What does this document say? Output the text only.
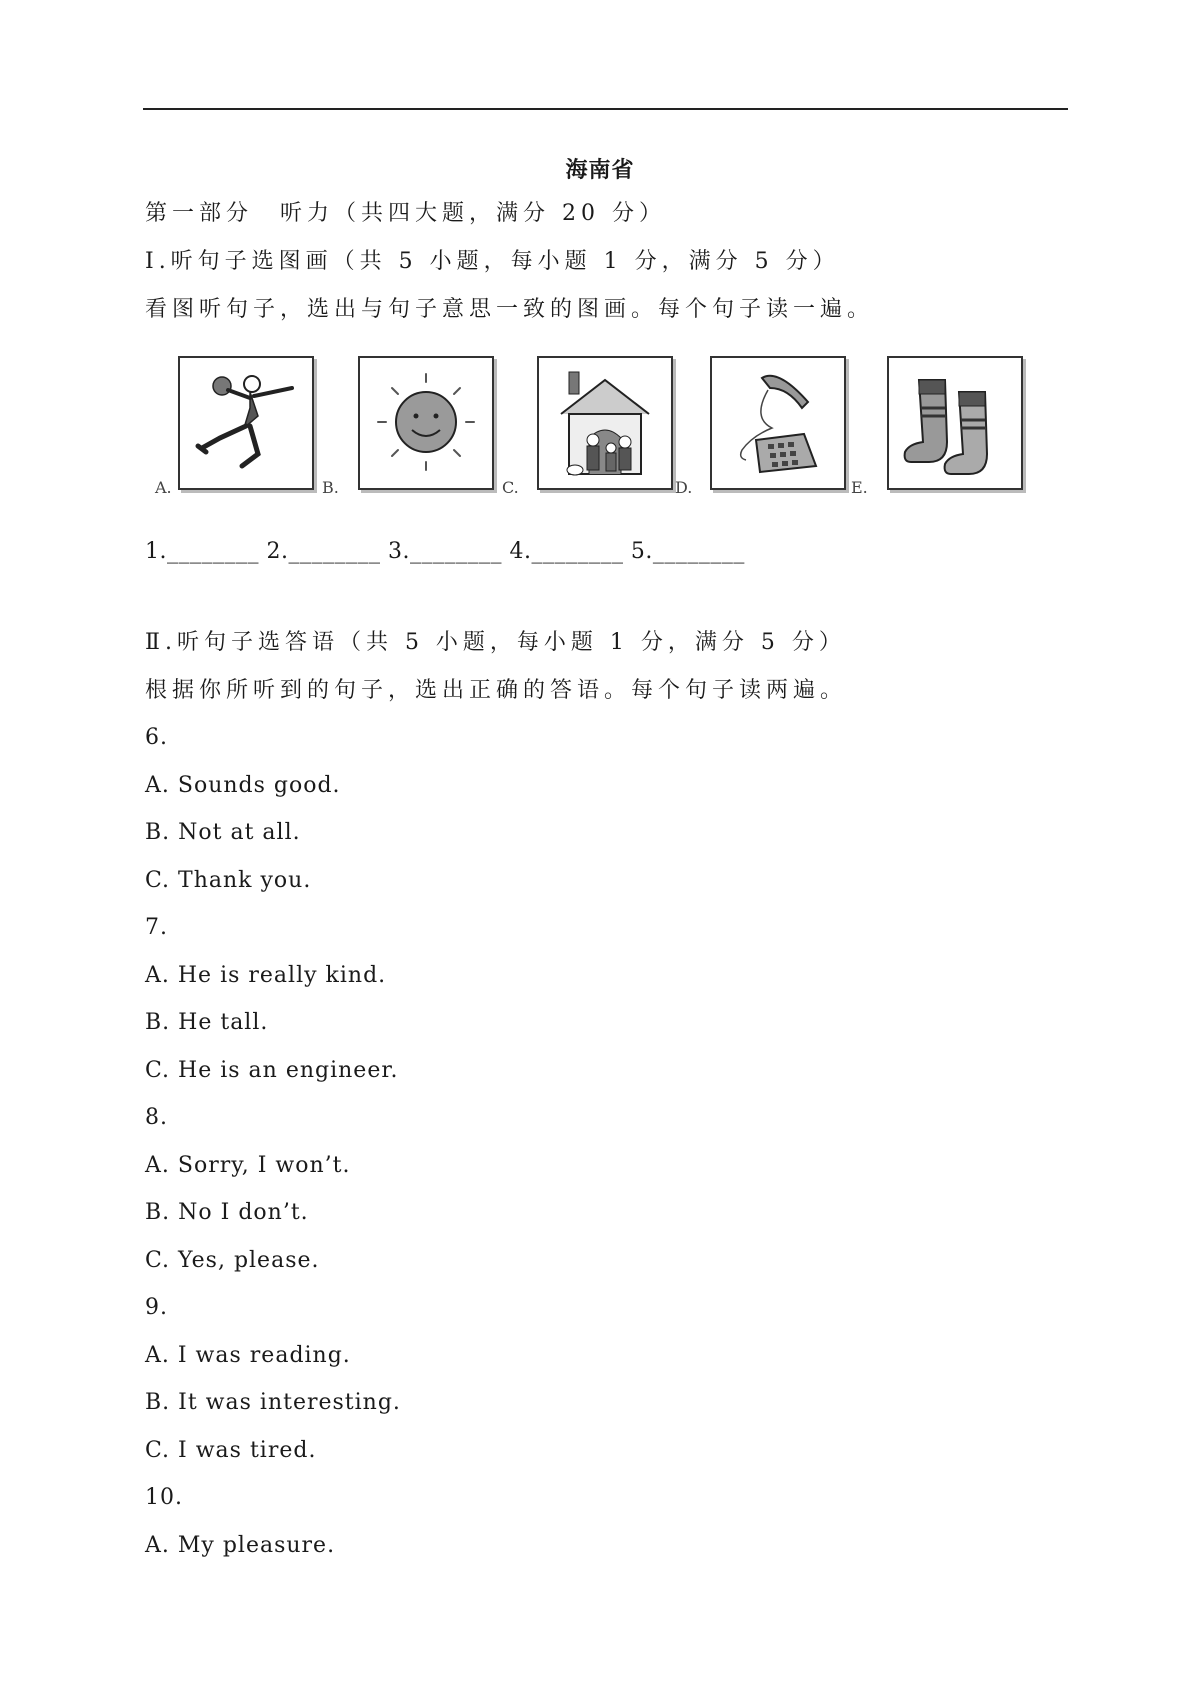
海南省
第一部分　听力（共四大题，满分 20 分）
I.听句子选图画（共 5 小题，每小题 1 分，满分 5 分）
看图听句子，选出与句子意思一致的图画。每个句子读一遍。
A.	B.	C.	D.	E.
1.________ 2.________ 3.________ 4.________ 5.________
Ⅱ.听句子选答语（共 5 小题，每小题 1 分，满分 5 分）
根据你所听到的句子，选出正确的答语。每个句子读两遍。
6.
A. Sounds good.
B. Not at all.
C. Thank you.
7.
A. He is really kind.
B. He tall.
C. He is an engineer.
8.
A. Sorry, I won’t.
B. No I don’t.
C. Yes, please.
9.
A. I was reading.
B. It was interesting.
C. I was tired.
10.
A. My pleasure.
